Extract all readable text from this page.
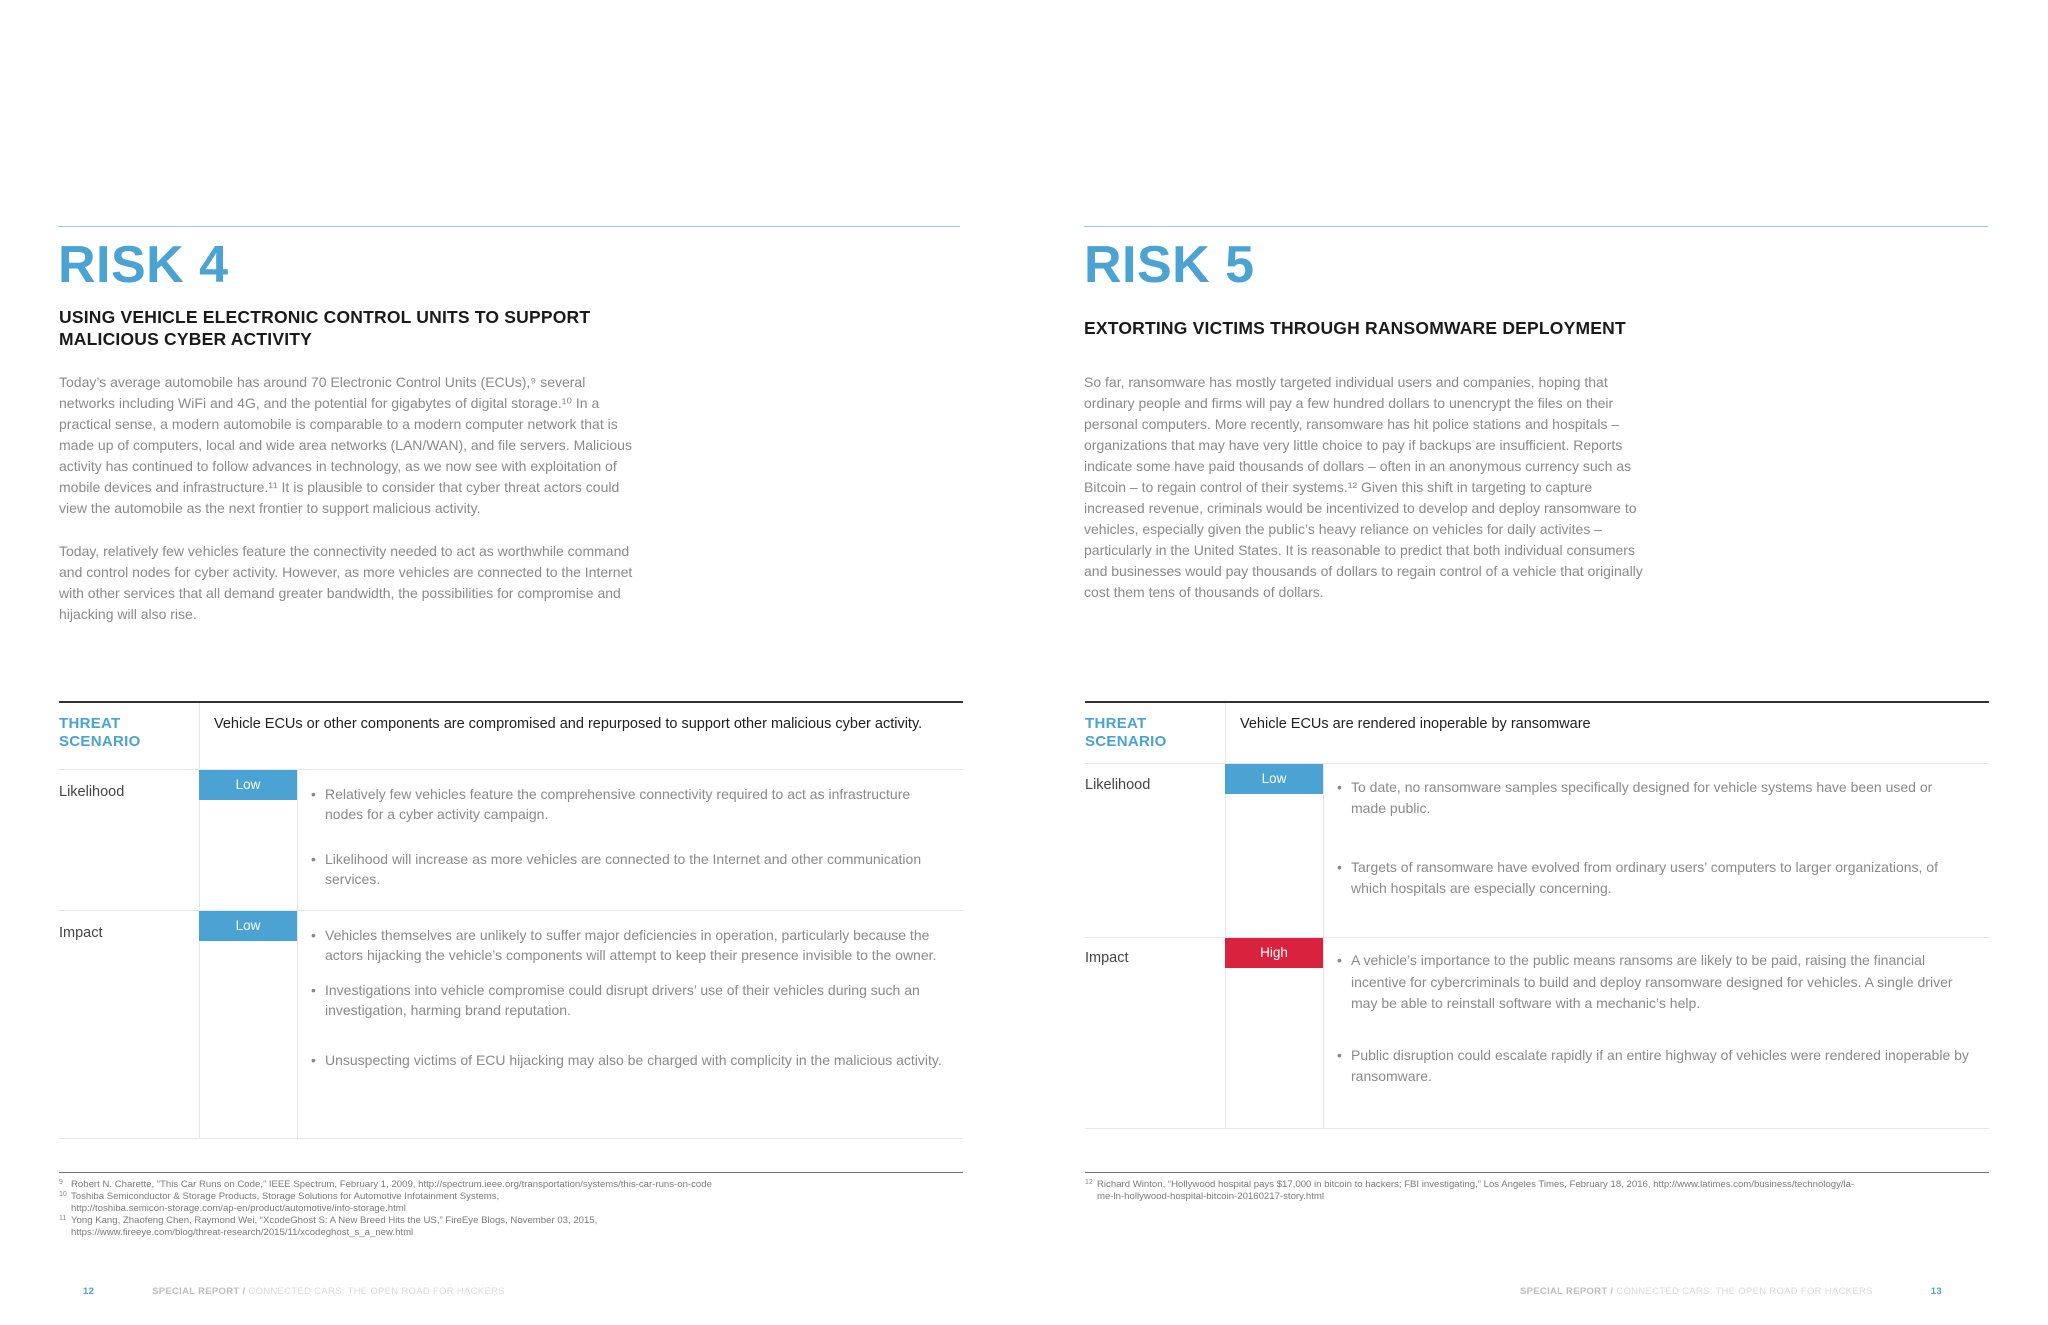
RISK 4
USING VEHICLE ELECTRONIC CONTROL UNITS TO SUPPORT
MALICIOUS CYBER ACTIVITY

Today’s average automobile has around 70 Electronic Control Units (ECUs),⁹ several networks including WiFi and 4G, and the potential for gigabytes of digital storage.¹⁰ In a practical sense, a modern automobile is comparable to a modern computer network that is made up of computers, local and wide area networks (LAN/WAN), and file servers. Malicious activity has continued to follow advances in technology, as we now see with exploitation of mobile devices and infrastructure.¹¹ It is plausible to consider that cyber threat actors could view the automobile as the next frontier to support malicious activity.

Today, relatively few vehicles feature the connectivity needed to act as worthwhile command and control nodes for cyber activity. However, as more vehicles are connected to the Internet with other services that all demand greater bandwidth, the possibilities for compromise and hijacking will also rise.

THREAT
SCENARIO
Vehicle ECUs or other components are compromised and repurposed to support other malicious cyber activity.
Likelihood	Low
• Relatively few vehicles feature the comprehensive connectivity required to act as infrastructure nodes for a cyber activity campaign.
• Likelihood will increase as more vehicles are connected to the Internet and other communication services.
Impact	Low
• Vehicles themselves are unlikely to suffer major deficiencies in operation, particularly because the actors hijacking the vehicle’s components will attempt to keep their presence invisible to the owner.
• Investigations into vehicle compromise could disrupt drivers’ use of their vehicles during such an investigation, harming brand reputation.
• Unsuspecting victims of ECU hijacking may also be charged with complicity in the malicious activity.
9 Robert N. Charette, “This Car Runs on Code,” IEEE Spectrum, February 1, 2009, http://spectrum.ieee.org/transportation/systems/this-car-runs-on-code
10 Toshiba Semiconductor & Storage Products, Storage Solutions for Automotive Infotainment Systems,
http://toshiba.semicon-storage.com/ap-en/product/automotive/info-storage.html
11 Yong Kang, Zhaofeng Chen, Raymond Wei, “XcodeGhost S: A New Breed Hits the US,” FireEye Blogs, November 03, 2015,
https://www.fireeye.com/blog/threat-research/2015/11/xcodeghost_s_a_new.html
12	SPECIAL REPORT / CONNECTED CARS: THE OPEN ROAD FOR HACKERS
RISK 5
EXTORTING VICTIMS THROUGH RANSOMWARE DEPLOYMENT

So far, ransomware has mostly targeted individual users and companies, hoping that ordinary people and firms will pay a few hundred dollars to unencrypt the files on their personal computers. More recently, ransomware has hit police stations and hospitals – organizations that may have very little choice to pay if backups are insufficient. Reports indicate some have paid thousands of dollars – often in an anonymous currency such as Bitcoin – to regain control of their systems.¹² Given this shift in targeting to capture increased revenue, criminals would be incentivized to develop and deploy ransomware to vehicles, especially given the public’s heavy reliance on vehicles for daily activites – particularly in the United States. It is reasonable to predict that both individual consumers and businesses would pay thousands of dollars to regain control of a vehicle that originally cost them tens of thousands of dollars.

THREAT
SCENARIO
Vehicle ECUs are rendered inoperable by ransomware
Likelihood	Low
• To date, no ransomware samples specifically designed for vehicle systems have been used or made public.
• Targets of ransomware have evolved from ordinary users’ computers to larger organizations, of which hospitals are especially concerning.
Impact	High
•	A vehicle’s importance to the public means ransoms are likely to be paid, raising the financial incentive for cybercriminals to build and deploy ransomware designed for vehicles. A single driver may be able to reinstall software with a mechanic’s help.
• Public disruption could escalate rapidly if an entire highway of vehicles were rendered inoperable by ransomware.
12 Richard Winton, “Hollywood hospital pays $17,000 in bitcoin to hackers; FBI investigating,” Los Angeles Times, February 18, 2016, http://www.latimes.com/business/technology/la-
me-ln-hollywood-hospital-bitcoin-20160217-story.html
SPECIAL REPORT / CONNECTED CARS: THE OPEN ROAD FOR HACKERS	13
